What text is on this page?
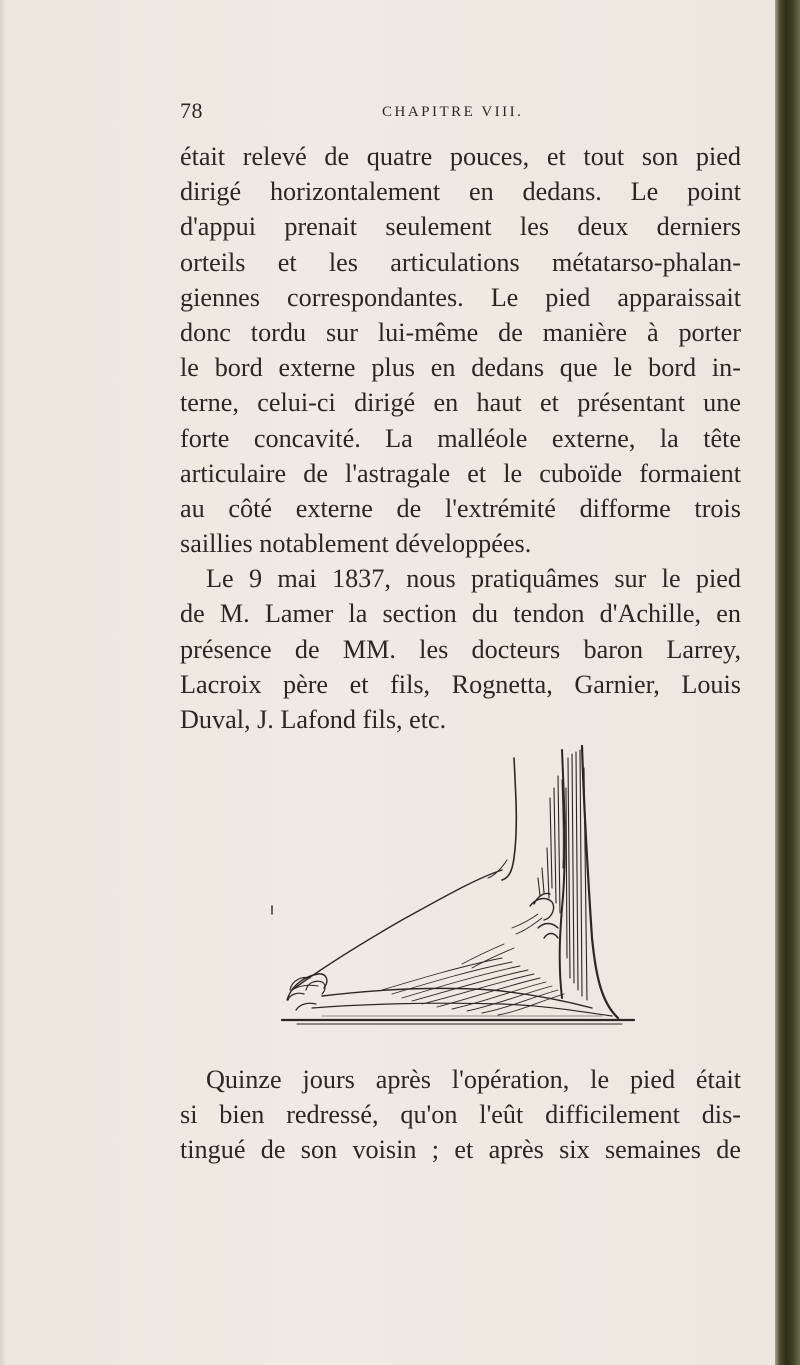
78	CHAPITRE VIII.
était relevé de quatre pouces, et tout son pied
dirigé horizontalement en dedans. Le point
d'appui prenait seulement les deux derniers
orteils et les articulations métatarso-phalan-
giennes correspondantes. Le pied apparaissait
donc tordu sur lui-même de manière à porter
le bord externe plus en dedans que le bord in-
terne, celui-ci dirigé en haut et présentant une
forte concavité. La malléole externe, la tête
articulaire de l'astragale et le cuboïde formaient
au côté externe de l'extrémité difforme trois
saillies notablement développées.
Le 9 mai 1837, nous pratiquâmes sur le pied
de M. Lamer la section du tendon d'Achille, en
présence de MM. les docteurs baron Larrey,
Lacroix père et fils, Rognetta, Garnier, Louis
Duval, J. Lafond fils, etc.
Quinze jours après l'opération, le pied était
si bien redressé, qu'on l'eût difficilement dis-
tingué de son voisin ; et après six semaines de
